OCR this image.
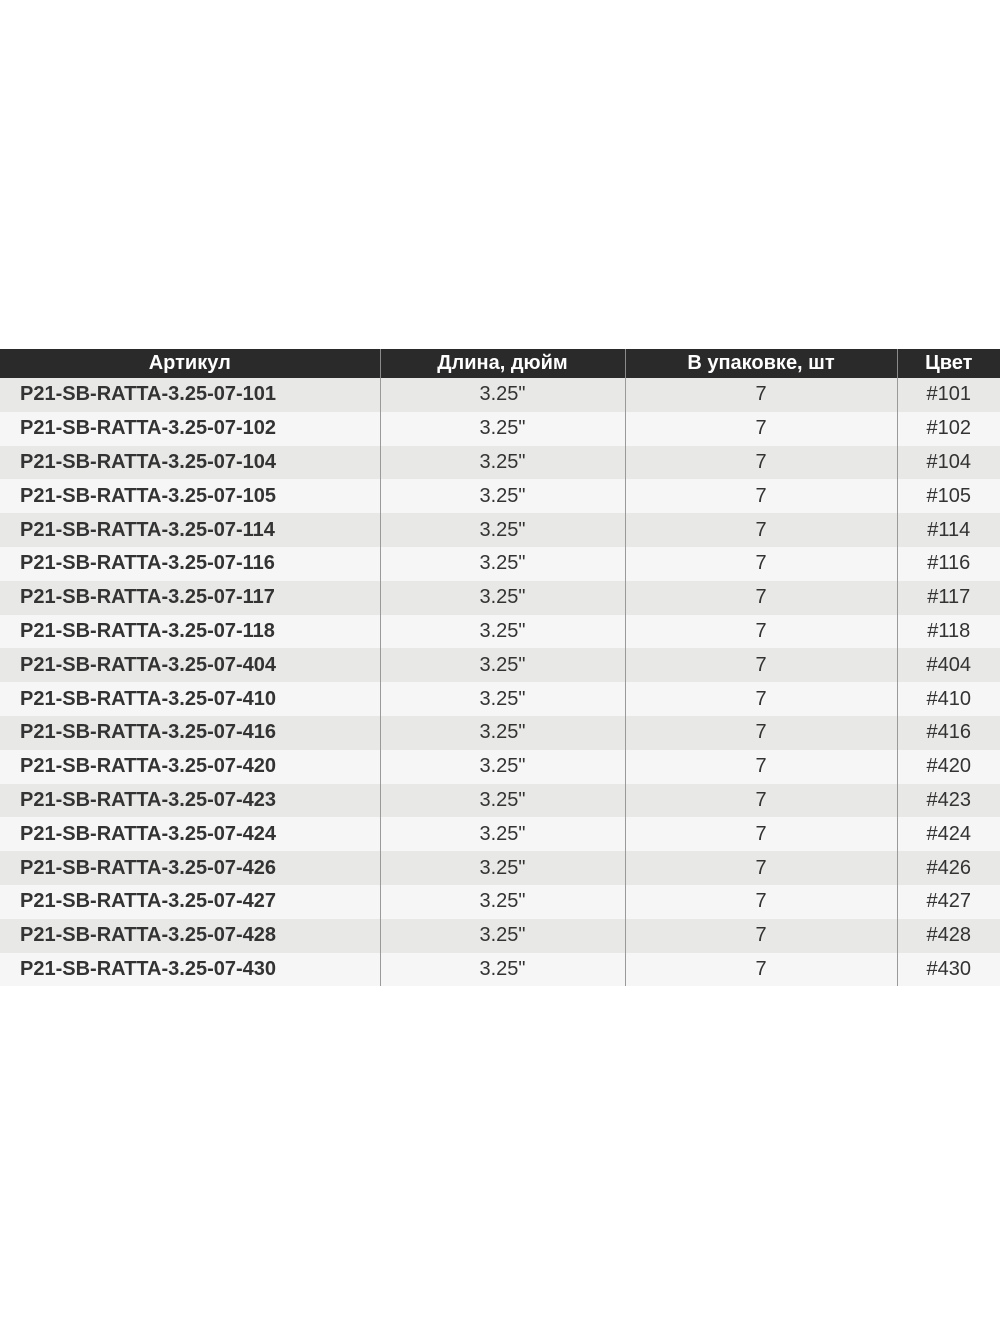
Артикул	Длина, дюйм	В упаковке, шт	Цвет
P21-SB-RATTA-3.25-07-101	3.25"	7	#101
P21-SB-RATTA-3.25-07-102	3.25"	7	#102
P21-SB-RATTA-3.25-07-104	3.25"	7	#104
P21-SB-RATTA-3.25-07-105	3.25"	7	#105
P21-SB-RATTA-3.25-07-114	3.25"	7	#114
P21-SB-RATTA-3.25-07-116	3.25"	7	#116
P21-SB-RATTA-3.25-07-117	3.25"	7	#117
P21-SB-RATTA-3.25-07-118	3.25"	7	#118
P21-SB-RATTA-3.25-07-404	3.25"	7	#404
P21-SB-RATTA-3.25-07-410	3.25"	7	#410
P21-SB-RATTA-3.25-07-416	3.25"	7	#416
P21-SB-RATTA-3.25-07-420	3.25"	7	#420
P21-SB-RATTA-3.25-07-423	3.25"	7	#423
P21-SB-RATTA-3.25-07-424	3.25"	7	#424
P21-SB-RATTA-3.25-07-426	3.25"	7	#426
P21-SB-RATTA-3.25-07-427	3.25"	7	#427
P21-SB-RATTA-3.25-07-428	3.25"	7	#428
P21-SB-RATTA-3.25-07-430	3.25"	7	#430
